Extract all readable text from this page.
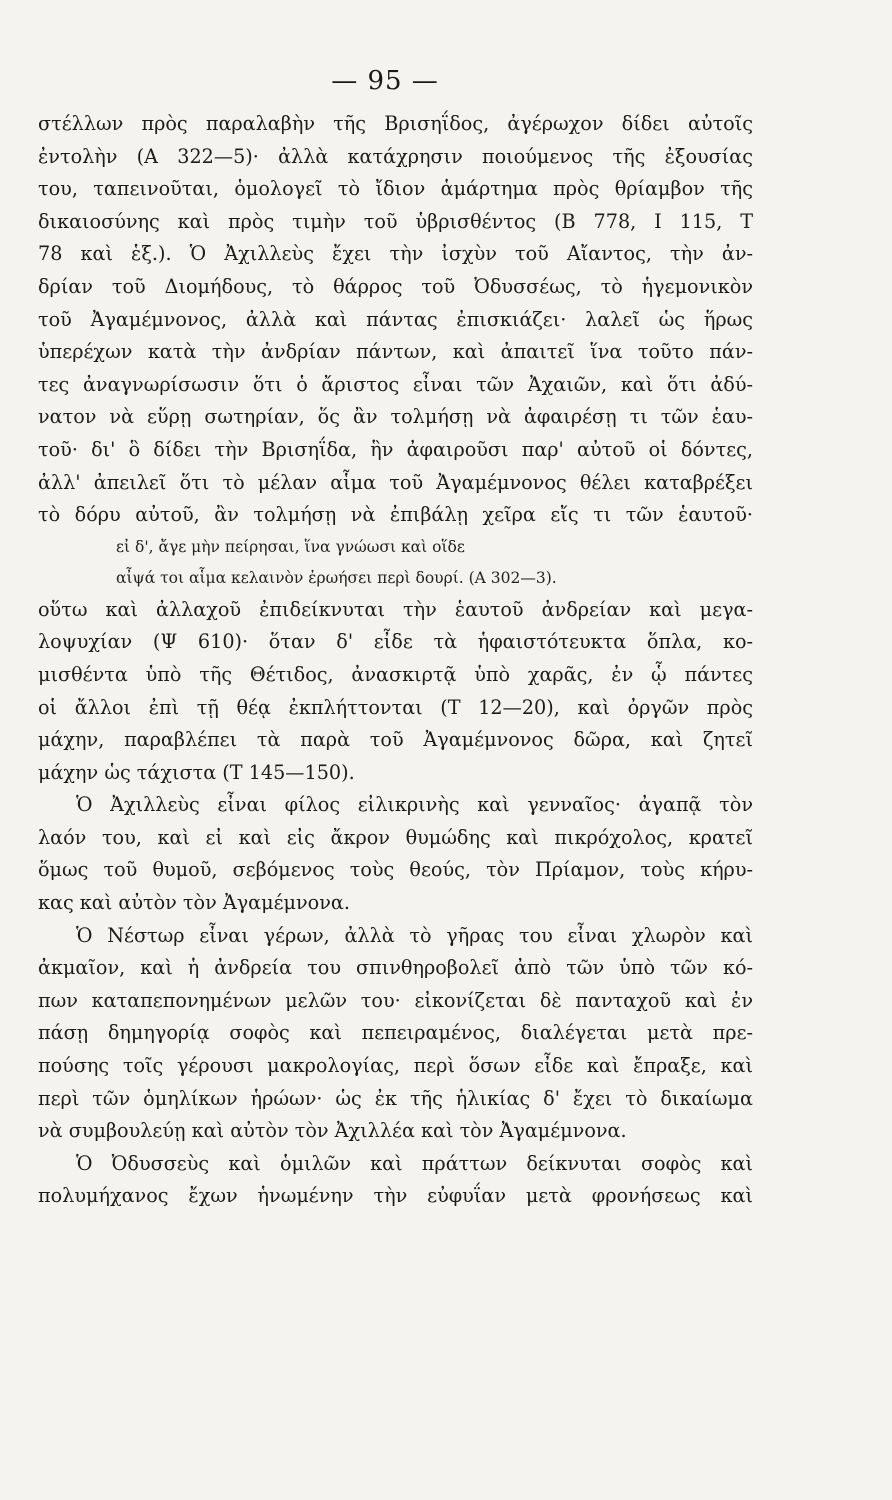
— 95 —
στέλλων πρὸς παραλαβὴν τῆς Βρισηΐδος, ἀγέρωχον δίδει αὐτοῖς
ἐντολὴν (Α 322—5)· ἀλλὰ κατάχρησιν ποιούμενος τῆς ἐξουσίας
του, ταπεινοῦται, ὁμολογεῖ τὸ ἴδιον ἁμάρτημα πρὸς θρίαμβον τῆς
δικαιοσύνης καὶ πρὸς τιμὴν τοῦ ὑβρισθέντος (Β 778, Ι 115, Τ
78 καὶ ἑξ.). Ὁ Ἀχιλλεὺς ἔχει τὴν ἰσχὺν τοῦ Αἴαντος, τὴν ἀν-
δρίαν τοῦ Διομήδους, τὸ θάρρος τοῦ Ὀδυσσέως, τὸ ἡγεμονικὸν
τοῦ Ἀγαμέμνονος, ἀλλὰ καὶ πάντας ἐπισκιάζει· λαλεῖ ὡς ἥρως
ὑπερέχων κατὰ τὴν ἀνδρίαν πάντων, καὶ ἀπαιτεῖ ἵνα τοῦτο πάν-
τες ἀναγνωρίσωσιν ὅτι ὁ ἄριστος εἶναι τῶν Ἀχαιῶν, καὶ ὅτι ἀδύ-
νατον νὰ εὕρῃ σωτηρίαν, ὅς ἂν τολμήσῃ νὰ ἀφαιρέσῃ τι τῶν ἑαυ-
τοῦ· δι' ὃ δίδει τὴν Βρισηΐδα, ἣν ἀφαιροῦσι παρ' αὐτοῦ οἱ δόντες,
ἀλλ' ἀπειλεῖ ὅτι τὸ μέλαν αἷμα τοῦ Ἀγαμέμνονος θέλει καταβρέξει
τὸ δόρυ αὐτοῦ, ἂν τολμήσῃ νὰ ἐπιβάλῃ χεῖρα εἴς τι τῶν ἑαυτοῦ·
εἰ δ', ἄγε μὴν πείρησαι, ἵνα γνώωσι καὶ οἵδε
αἶψά τοι αἷμα κελαινὸν ἐρωήσει περὶ δουρί. (Α 302—3).
οὕτω καὶ ἀλλαχοῦ ἐπιδείκνυται τὴν ἑαυτοῦ ἀνδρείαν καὶ μεγα-
λοψυχίαν (Ψ 610)· ὅταν δ' εἶδε τὰ ἡφαιστότευκτα ὅπλα, κο-
μισθέντα ὑπὸ τῆς Θέτιδος, ἀνασκιρτᾷ ὑπὸ χαρᾶς, ἐν ᾧ πάντες
οἱ ἄλλοι ἐπὶ τῇ θέᾳ ἐκπλήττονται (Τ 12—20), καὶ ὀργῶν πρὸς
μάχην, παραβλέπει τὰ παρὰ τοῦ Ἀγαμέμνονος δῶρα, καὶ ζητεῖ
μάχην ὡς τάχιστα (Τ 145—150).
Ὁ Ἀχιλλεὺς εἶναι φίλος εἰλικρινὴς καὶ γενναῖος· ἀγαπᾷ τὸν
λαόν του, καὶ εἰ καὶ εἰς ἄκρον θυμώδης καὶ πικρόχολος, κρατεῖ
ὅμως τοῦ θυμοῦ, σεβόμενος τοὺς θεούς, τὸν Πρίαμον, τοὺς κήρυ-
κας καὶ αὐτὸν τὸν Ἀγαμέμνονα.
Ὁ Νέστωρ εἶναι γέρων, ἀλλὰ τὸ γῆρας του εἶναι χλωρὸν καὶ
ἀκμαῖον, καὶ ἡ ἀνδρεία του σπινθηροβολεῖ ἀπὸ τῶν ὑπὸ τῶν κό-
πων καταπεπονημένων μελῶν του· εἰκονίζεται δὲ πανταχοῦ καὶ ἐν
πάσῃ δημηγορίᾳ σοφὸς καὶ πεπειραμένος, διαλέγεται μετὰ πρε-
πούσης τοῖς γέρουσι μακρολογίας, περὶ ὅσων εἶδε καὶ ἔπραξε, καὶ
περὶ τῶν ὁμηλίκων ἡρώων· ὡς ἐκ τῆς ἡλικίας δ' ἔχει τὸ δικαίωμα
νὰ συμβουλεύῃ καὶ αὐτὸν τὸν Ἀχιλλέα καὶ τὸν Ἀγαμέμνονα.
Ὁ Ὀδυσσεὺς καὶ ὁμιλῶν καὶ πράττων δείκνυται σοφὸς καὶ
πολυμήχανος ἔχων ἡνωμένην τὴν εὐφυΐαν μετὰ φρονήσεως καὶ
